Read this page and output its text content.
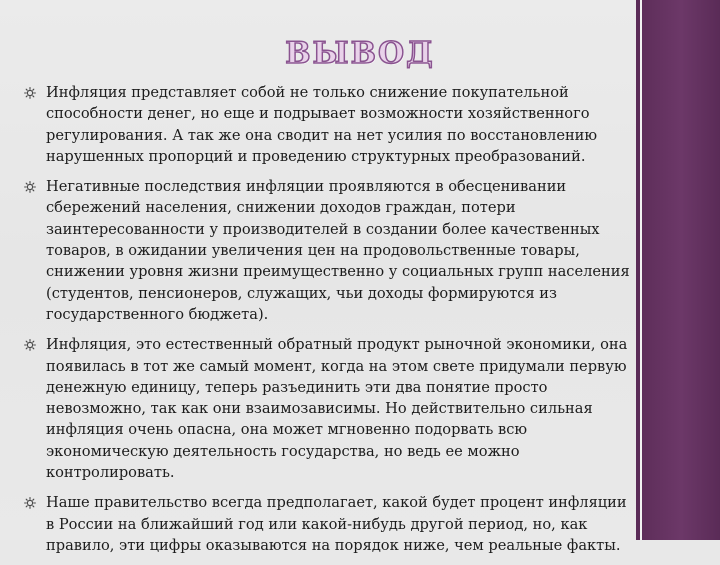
ВЫВОД
Инфляция представляет собой не только снижение покупательной способности денег, но еще и подрывает возможности хозяйственного регулирования. А так же она сводит на нет усилия по восстановлению нарушенных пропорций и проведению структурных преобразований.
Негативные последствия инфляции проявляются в обесценивании сбережений населения, снижении доходов граждан, потери заинтересованности у производителей в создании более качественных товаров, в ожидании увеличения цен на продовольственные товары, снижении уровня жизни преимущественно у социальных групп населения (студентов, пенсионеров, служащих, чьи доходы формируются из государственного бюджета).
Инфляция, это естественный обратный продукт рыночной экономики, она появилась в тот же самый момент, когда на этом свете придумали первую денежную единицу, теперь разъединить эти два понятие просто невозможно, так как они взаимозависимы. Но действительно сильная инфляция очень опасна, она может мгновенно подорвать всю экономическую деятельность государства, но ведь ее можно контролировать.
Наше правительство всегда предполагает, какой будет процент инфляции в России на ближайший год или какой-нибудь другой период, но, как правило, эти цифры оказываются на порядок ниже, чем реальные факты.
